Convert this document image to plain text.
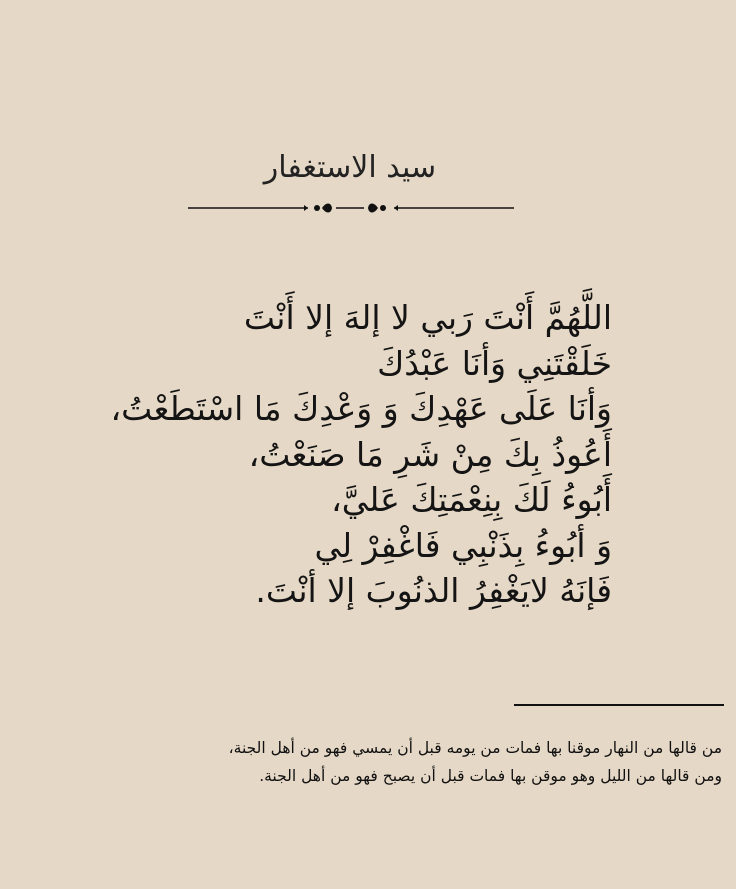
سيد الاستغفار
اللَّهُمَّ أَنْتَ رَبي لا إلهَ إلا أَنْتَ
خَلَقْتَنِي وَأنَا عَبْدُكَ
وَأنَا عَلَى عَهْدِكَ وَ وَعْدِكَ مَا اسْتَطَعْتُ،
أَعُوذُ بِكَ مِنْ شَرِ مَا صَنَعْتُ،
أَبُوءُ لَكَ بِنِعْمَتِكَ عَليَّ،
وَ أبُوءُ بِذَنْبِي فَاغْفِرْ لِي
فَإنَهُ لايَغْفِرُ الذنُوبَ إلا أنْتَ.
من قالها من النهار موقنا بها فمات من يومه قبل أن يمسي فهو من أهل الجنة،
ومن قالها من الليل وهو موقن بها فمات قبل أن يصبح فهو من أهل الجنة.
